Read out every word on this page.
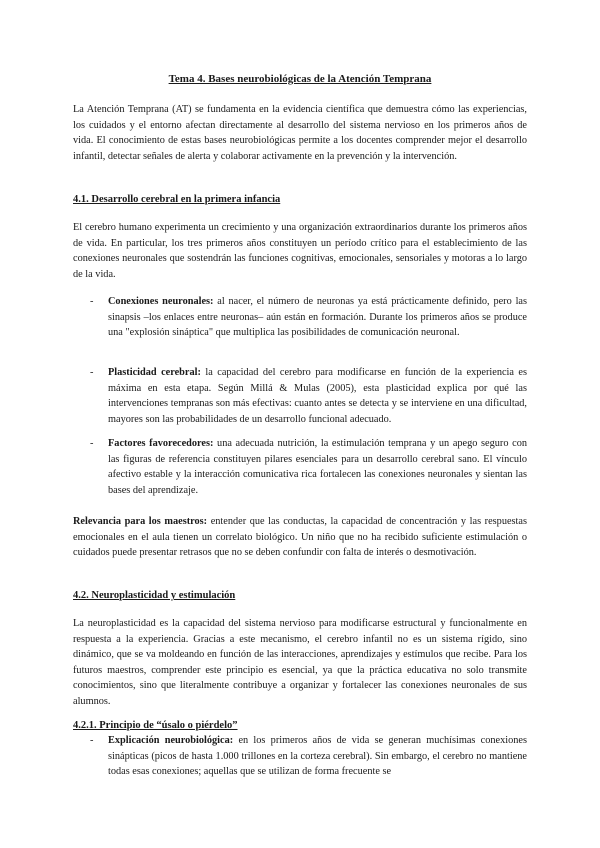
Tema 4. Bases neurobiológicas de la Atención Temprana
La Atención Temprana (AT) se fundamenta en la evidencia científica que demuestra cómo las experiencias, los cuidados y el entorno afectan directamente al desarrollo del sistema nervioso en los primeros años de vida. El conocimiento de estas bases neurobiológicas permite a los docentes comprender mejor el desarrollo infantil, detectar señales de alerta y colaborar activamente en la prevención y la intervención.
4.1. Desarrollo cerebral en la primera infancia
El cerebro humano experimenta un crecimiento y una organización extraordinarios durante los primeros años de vida. En particular, los tres primeros años constituyen un período crítico para el establecimiento de las conexiones neuronales que sostendrán las funciones cognitivas, emocionales, sensoriales y motoras a lo largo de la vida.
- Conexiones neuronales: al nacer, el número de neuronas ya está prácticamente definido, pero las sinapsis –los enlaces entre neuronas– aún están en formación. Durante los primeros años se produce una "explosión sináptica" que multiplica las posibilidades de comunicación neuronal.
- Plasticidad cerebral: la capacidad del cerebro para modificarse en función de la experiencia es máxima en esta etapa. Según Millá & Mulas (2005), esta plasticidad explica por qué las intervenciones tempranas son más efectivas: cuanto antes se detecta y se interviene en una dificultad, mayores son las probabilidades de un desarrollo funcional adecuado.
- Factores favorecedores: una adecuada nutrición, la estimulación temprana y un apego seguro con las figuras de referencia constituyen pilares esenciales para un desarrollo cerebral sano. El vínculo afectivo estable y la interacción comunicativa rica fortalecen las conexiones neuronales y sientan las bases del aprendizaje.
Relevancia para los maestros: entender que las conductas, la capacidad de concentración y las respuestas emocionales en el aula tienen un correlato biológico. Un niño que no ha recibido suficiente estimulación o cuidados puede presentar retrasos que no se deben confundir con falta de interés o desmotivación.
4.2. Neuroplasticidad y estimulación
La neuroplasticidad es la capacidad del sistema nervioso para modificarse estructural y funcionalmente en respuesta a la experiencia. Gracias a este mecanismo, el cerebro infantil no es un sistema rígido, sino dinámico, que se va moldeando en función de las interacciones, aprendizajes y estímulos que recibe. Para los futuros maestros, comprender este principio es esencial, ya que la práctica educativa no solo transmite conocimientos, sino que literalmente contribuye a organizar y fortalecer las conexiones neuronales de sus alumnos.
4.2.1. Principio de “úsalo o piérdelo”
- Explicación neurobiológica: en los primeros años de vida se generan muchísimas conexiones sinápticas (picos de hasta 1.000 trillones en la corteza cerebral). Sin embargo, el cerebro no mantiene todas esas conexiones; aquellas que se utilizan de forma frecuente se
